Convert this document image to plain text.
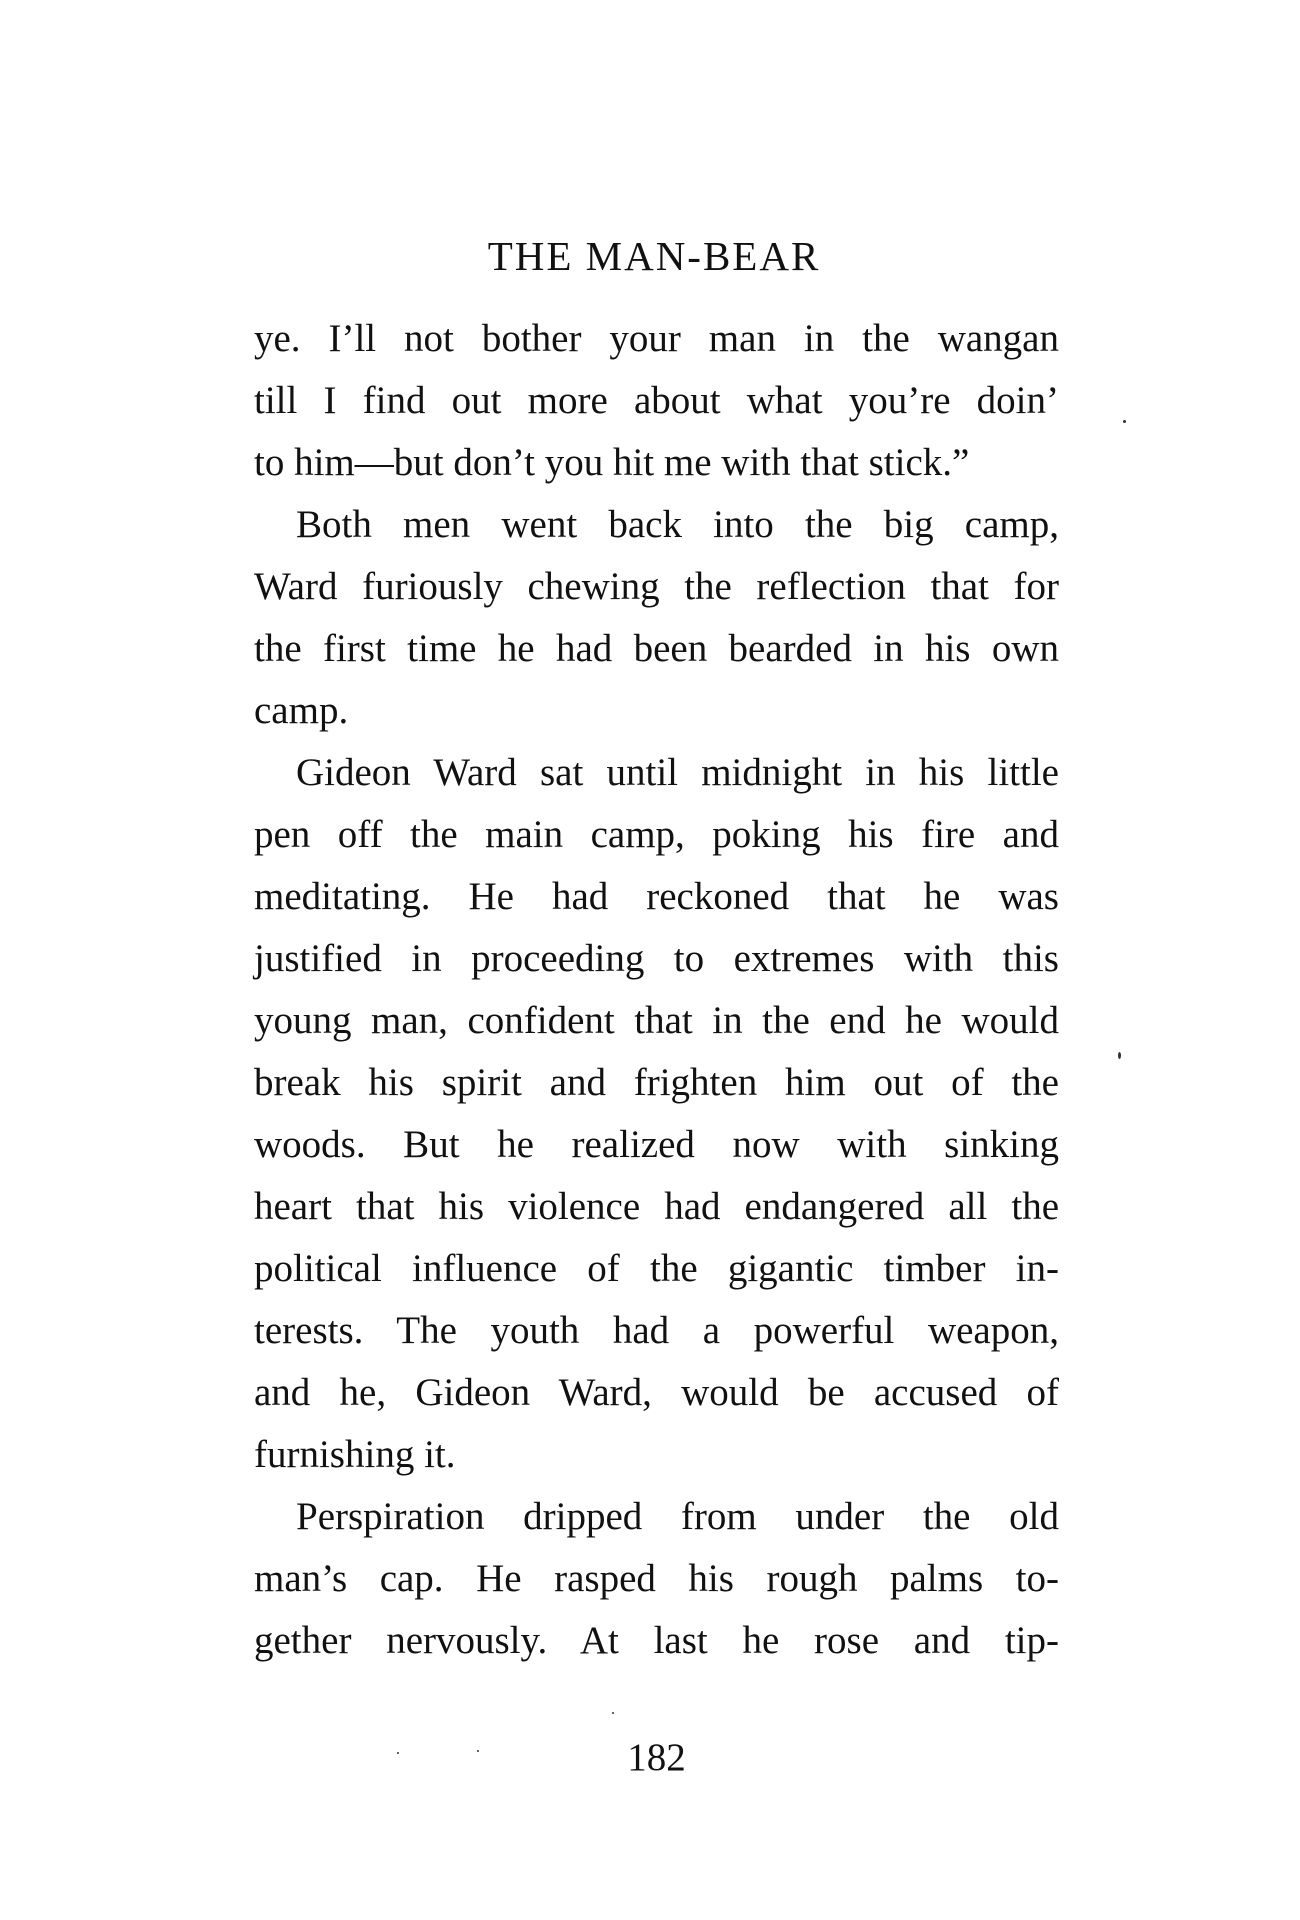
THE MAN-BEAR
ye. I’ll not bother your man in the wangan
till I find out more about what you’re doin’
to him—but don’t you hit me with that stick.”
Both men went back into the big camp,
Ward furiously chewing the reflection that for
the first time he had been bearded in his own
camp.
Gideon Ward sat until midnight in his little
pen off the main camp, poking his fire and
meditating. He had reckoned that he was
justified in proceeding to extremes with this
young man, confident that in the end he would
break his spirit and frighten him out of the
woods. But he realized now with sinking
heart that his violence had endangered all the
political influence of the gigantic timber in-
terests. The youth had a powerful weapon,
and he, Gideon Ward, would be accused of
furnishing it.
Perspiration dripped from under the old
man’s cap. He rasped his rough palms to-
gether nervously. At last he rose and tip-
182
